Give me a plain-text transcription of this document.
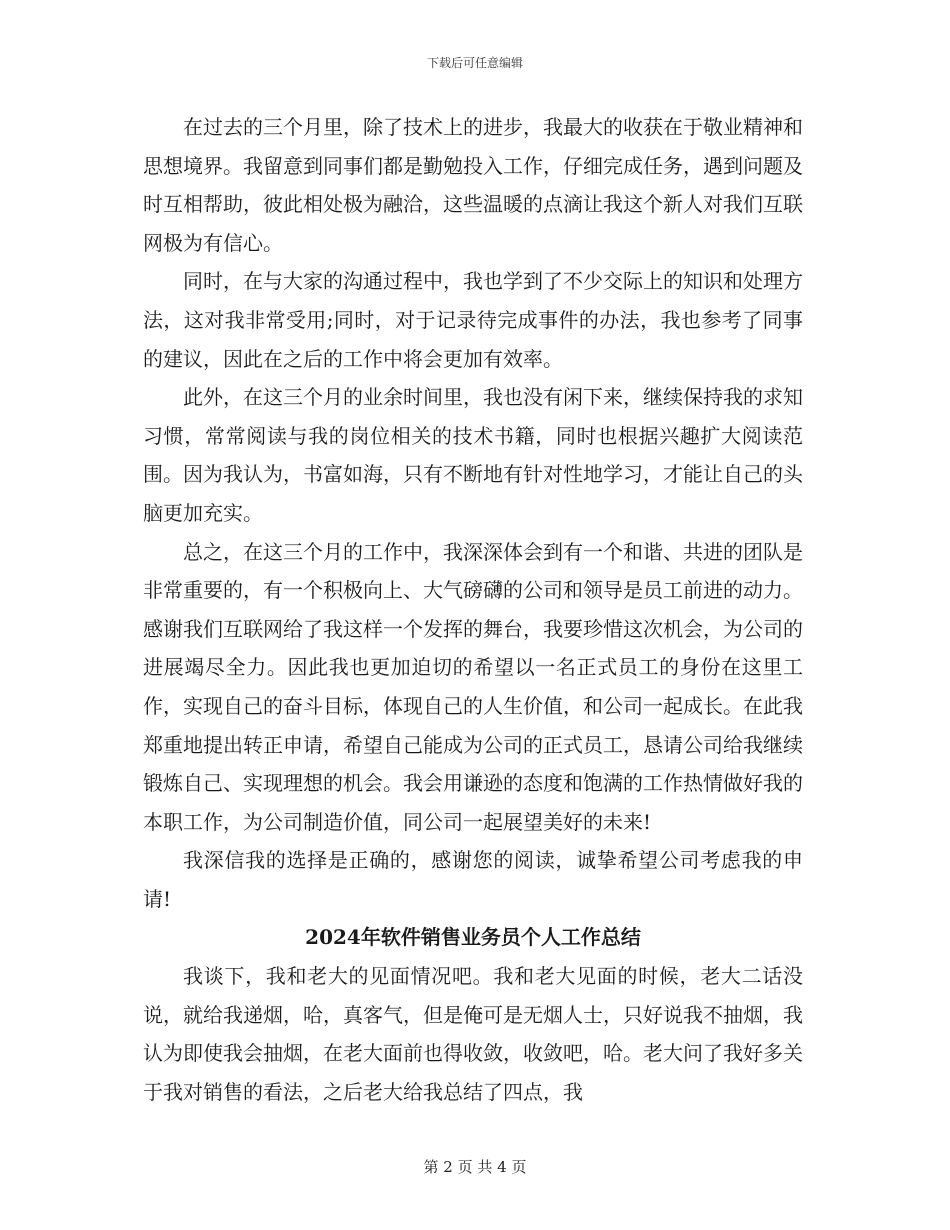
下载后可任意编辑

在过去的三个月里，除了技术上的进步，我最大的收获在于敬业精神和思想境界。我留意到同事们都是勤勉投入工作，仔细完成任务，遇到问题及时互相帮助，彼此相处极为融洽，这些温暖的点滴让我这个新人对我们互联网极为有信心。

同时，在与大家的沟通过程中，我也学到了不少交际上的知识和处理方法，这对我非常受用;同时，对于记录待完成事件的办法，我也参考了同事的建议，因此在之后的工作中将会更加有效率。

此外，在这三个月的业余时间里，我也没有闲下来，继续保持我的求知习惯，常常阅读与我的岗位相关的技术书籍，同时也根据兴趣扩大阅读范围。因为我认为，书富如海，只有不断地有针对性地学习，才能让自己的头脑更加充实。

总之，在这三个月的工作中，我深深体会到有一个和谐、共进的团队是非常重要的，有一个积极向上、大气磅礴的公司和领导是员工前进的动力。感谢我们互联网给了我这样一个发挥的舞台，我要珍惜这次机会，为公司的进展竭尽全力。因此我也更加迫切的希望以一名正式员工的身份在这里工作，实现自己的奋斗目标，体现自己的人生价值，和公司一起成长。在此我郑重地提出转正申请，希望自己能成为公司的正式员工，恳请公司给我继续锻炼自己、实现理想的机会。我会用谦逊的态度和饱满的工作热情做好我的本职工作，为公司制造价值，同公司一起展望美好的未来!

我深信我的选择是正确的，感谢您的阅读，诚挚希望公司考虑我的申请!

2024年软件销售业务员个人工作总结

我谈下，我和老大的见面情况吧。我和老大见面的时候，老大二话没说，就给我递烟，哈，真客气，但是俺可是无烟人士，只好说我不抽烟，我认为即使我会抽烟，在老大面前也得收敛，收敛吧，哈。老大问了我好多关于我对销售的看法，之后老大给我总结了四点，我

第 2 页 共 4 页
